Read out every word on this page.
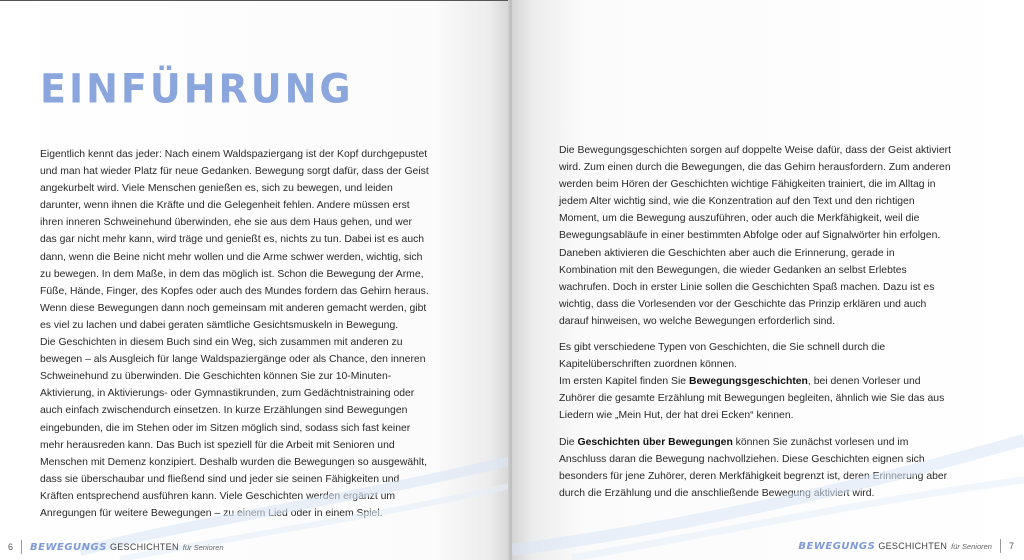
EINFÜHRUNG

Eigentlich kennt das jeder: Nach einem Waldspaziergang ist der Kopf durchgepustet und man hat wieder Platz für neue Gedanken. Bewegung sorgt dafür, dass der Geist angekurbelt wird. Viele Menschen genießen es, sich zu bewegen, und leiden darunter, wenn ihnen die Kräfte und die Gelegenheit fehlen. Andere müssen erst ihren inneren Schweinehund überwinden, ehe sie aus dem Haus gehen, und wer das gar nicht mehr kann, wird träge und genießt es, nichts zu tun. Dabei ist es auch dann, wenn die Beine nicht mehr wollen und die Arme schwer werden, wichtig, sich zu bewegen. In dem Maße, in dem das möglich ist. Schon die Bewegung der Arme, Füße, Hände, Finger, des Kopfes oder auch des Mundes fordern das Gehirn heraus. Wenn diese Bewegungen dann noch gemeinsam mit anderen gemacht werden, gibt es viel zu lachen und dabei geraten sämtliche Gesichtsmuskeln in Bewegung.

Die Geschichten in diesem Buch sind ein Weg, sich zusammen mit anderen zu bewegen – als Ausgleich für lange Waldspaziergänge oder als Chance, den inneren Schweinehund zu überwinden. Die Geschichten können Sie zur 10-Minuten-Aktivierung, in Aktivierungs- oder Gymnastikrunden, zum Gedächtnistraining oder auch einfach zwischendurch einsetzen. In kurze Erzählungen sind Bewegungen eingebunden, die im Stehen oder im Sitzen möglich sind, sodass sich fast keiner mehr herausreden kann. Das Buch ist speziell für die Arbeit mit Senioren und Menschen mit Demenz konzipiert. Deshalb wurden die Bewegungen so ausgewählt, dass sie überschaubar und fließend sind und jeder sie seinen Fähigkeiten und Kräften entsprechend ausführen kann. Viele Geschichten werden ergänzt um Anregungen für weitere Bewegungen – zu einem Lied oder in einem Spiel.

6 BEWEGUNGS GESCHICHTEN für Senioren

Die Bewegungsgeschichten sorgen auf doppelte Weise dafür, dass der Geist aktiviert wird. Zum einen durch die Bewegungen, die das Gehirn herausfordern. Zum anderen werden beim Hören der Geschichten wichtige Fähigkeiten trainiert, die im Alltag in jedem Alter wichtig sind, wie die Konzentration auf den Text und den richtigen Moment, um die Bewegung auszuführen, oder auch die Merkfähigkeit, weil die Bewegungsabläufe in einer bestimmten Abfolge oder auf Signalwörter hin erfolgen. Daneben aktivieren die Geschichten aber auch die Erinnerung, gerade in Kombination mit den Bewegungen, die wieder Gedanken an selbst Erlebtes wachrufen. Doch in erster Linie sollen die Geschichten Spaß machen. Dazu ist es wichtig, dass die Vorlesenden vor der Geschichte das Prinzip erklären und auch darauf hinweisen, wo welche Bewegungen erforderlich sind.

Es gibt verschiedene Typen von Geschichten, die Sie schnell durch die Kapitelüberschriften zuordnen können.

Im ersten Kapitel finden Sie Bewegungsgeschichten, bei denen Vorleser und Zuhörer die gesamte Erzählung mit Bewegungen begleiten, ähnlich wie Sie das aus Liedern wie „Mein Hut, der hat drei Ecken“ kennen.

Die Geschichten über Bewegungen können Sie zunächst vorlesen und im Anschluss daran die Bewegung nachvollziehen. Diese Geschichten eignen sich besonders für jene Zuhörer, deren Merkfähigkeit begrenzt ist, deren Erinnerung aber durch die Erzählung und die anschließende Bewegung aktiviert wird.

BEWEGUNGS GESCHICHTEN für Senioren 7
